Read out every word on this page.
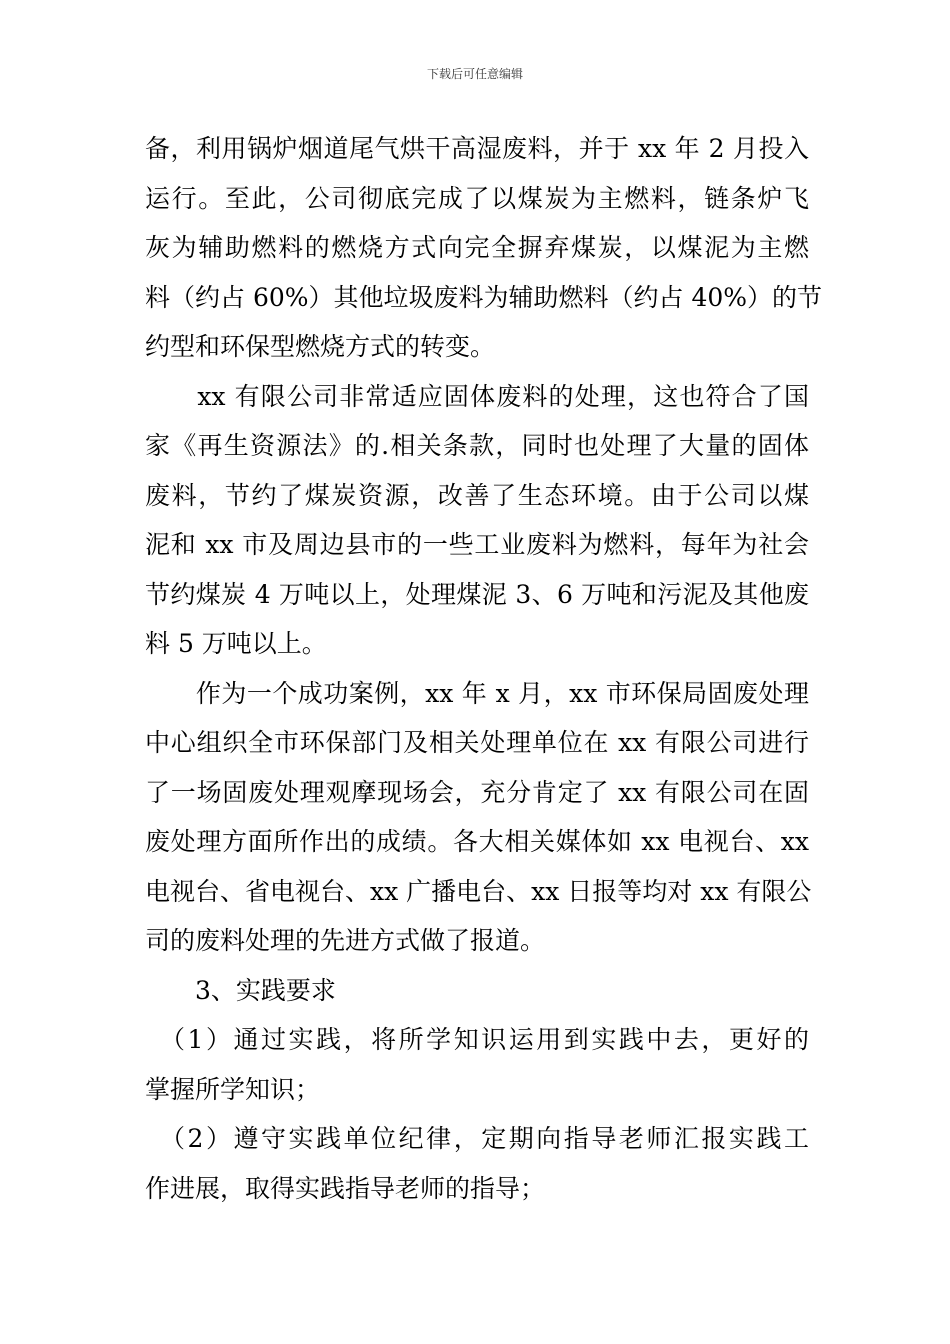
下载后可任意编辑
备，利用锅炉烟道尾气烘干高湿废料，并于 xx 年 2 月投入
运行。至此，公司彻底完成了以煤炭为主燃料，链条炉飞
灰为辅助燃料的燃烧方式向完全摒弃煤炭，以煤泥为主燃
料（约占 60%）其他垃圾废料为辅助燃料（约占 40%）的节
约型和环保型燃烧方式的转变。
　　xx 有限公司非常适应固体废料的处理，这也符合了国
家《再生资源法》的.相关条款，同时也处理了大量的固体
废料，节约了煤炭资源，改善了生态环境。由于公司以煤
泥和 xx 市及周边县市的一些工业废料为燃料，每年为社会
节约煤炭 4 万吨以上，处理煤泥 3、6 万吨和污泥及其他废
料 5 万吨以上。
　　作为一个成功案例，xx 年 x 月，xx 市环保局固废处理
中心组织全市环保部门及相关处理单位在 xx 有限公司进行
了一场固废处理观摩现场会，充分肯定了 xx 有限公司在固
废处理方面所作出的成绩。各大相关媒体如 xx 电视台、xx
电视台、省电视台、xx 广播电台、xx 日报等均对 xx 有限公
司的废料处理的先进方式做了报道。
　　3、实践要求
　（1）通过实践，将所学知识运用到实践中去，更好的
掌握所学知识；
　（2）遵守实践单位纪律，定期向指导老师汇报实践工
作进展，取得实践指导老师的指导；
